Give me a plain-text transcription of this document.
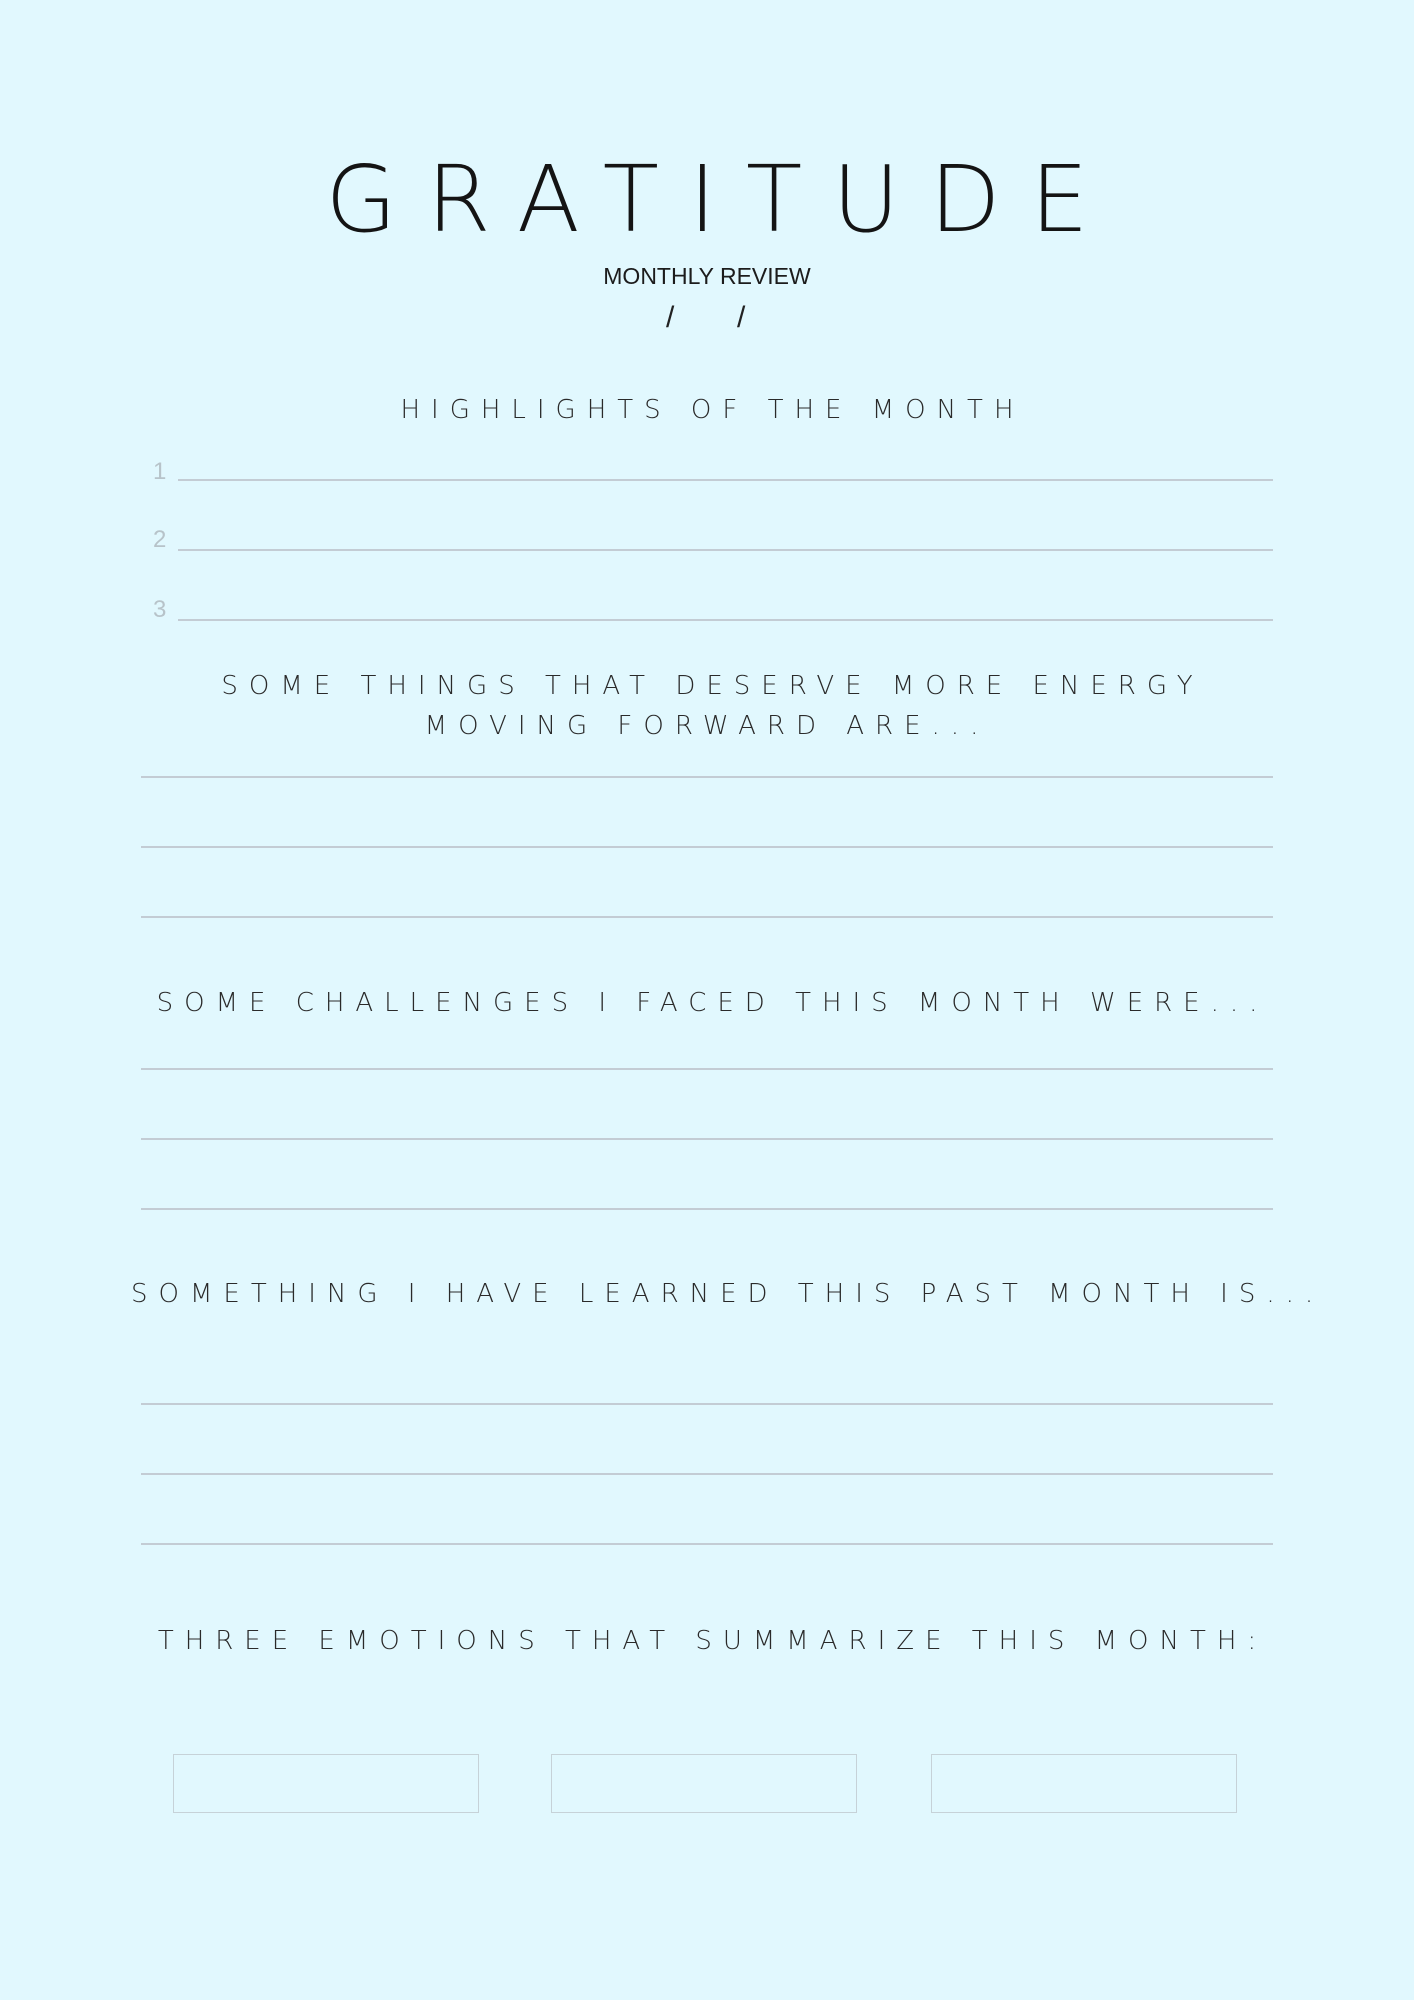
GRATITUDE
MONTHLY REVIEW
/ /
HIGHLIGHTS OF THE MONTH
1
2
3
SOME THINGS THAT DESERVE MORE ENERGY MOVING FORWARD ARE...
SOME CHALLENGES I FACED THIS MONTH WERE...
SOMETHING I HAVE LEARNED THIS PAST MONTH IS...
THREE EMOTIONS THAT SUMMARIZE THIS MONTH:
